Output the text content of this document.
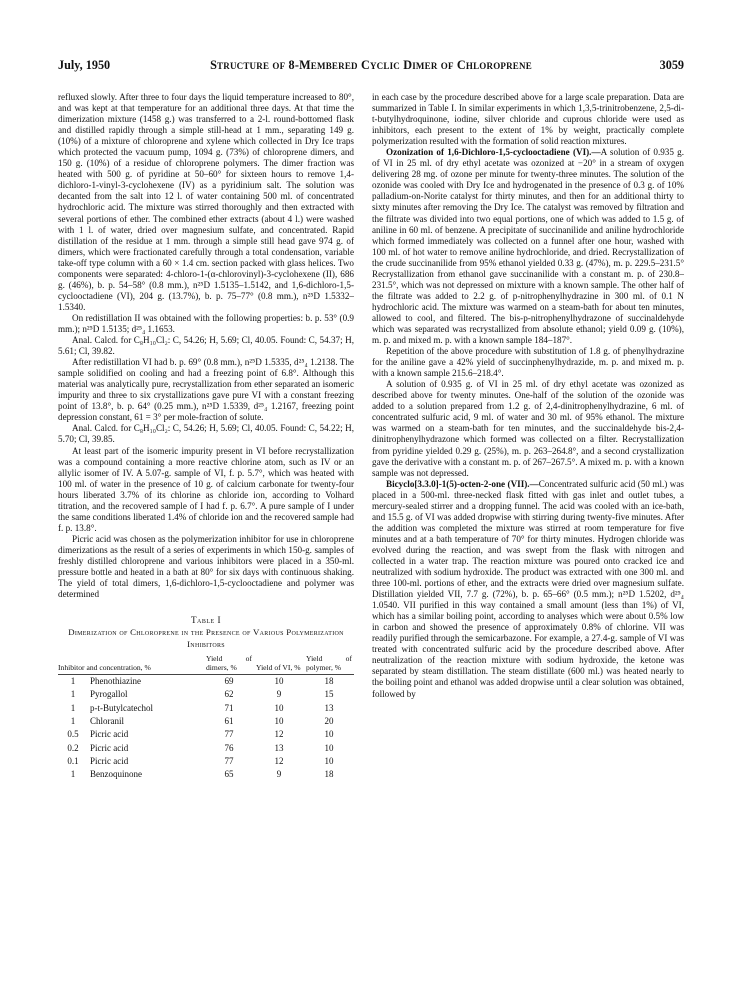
July, 1950	Structure of 8-Membered Cyclic Dimer of Chloroprene	3059

refluxed slowly. After three to four days the liquid temperature increased to 80°, and was kept at that temperature for an additional three days. At that time the dimerization mixture (1458 g.) was transferred to a 2-l. round-bottomed flask and distilled rapidly through a simple still-head at 1 mm., separating 149 g. (10%) of a mixture of chloroprene and xylene which collected in Dry Ice traps which protected the vacuum pump, 1094 g. (73%) of chloroprene dimers, and 150 g. (10%) of a residue of chloroprene polymers. The dimer fraction was heated with 500 g. of pyridine at 50–60° for sixteen hours to remove 1,4-dichloro-1-vinyl-3-cyclohexene (IV) as a pyridinium salt. The solution was decanted from the salt into 12 l. of water containing 500 ml. of concentrated hydrochloric acid. The mixture was stirred thoroughly and then extracted with several portions of ether. The combined ether extracts (about 4 l.) were washed with 1 l. of water, dried over magnesium sulfate, and concentrated. Rapid distillation of the residue at 1 mm. through a simple still head gave 974 g. of dimers, which were fractionated carefully through a total condensation, variable take-off type column with a 60 × 1.4 cm. section packed with glass helices. Two components were separated: 4-chloro-1-(α-chlorovinyl)-3-cyclohexene (II), 686 g. (46%), b. p. 54–58° (0.8 mm.), n²⁵D 1.5135–1.5142, and 1,6-dichloro-1,5-cyclooctadiene (VI), 204 g. (13.7%), b. p. 75–77° (0.8 mm.), n²⁵D 1.5332–1.5340.

On redistillation II was obtained with the following properties: b. p. 53° (0.9 mm.); n²⁵D 1.5135; d²⁵₄ 1.1653.

Anal. Calcd. for C₈H₁₀Cl₂: C, 54.26; H, 5.69; Cl, 40.05. Found: C, 54.37; H, 5.61; Cl, 39.82.

After redistillation VI had b. p. 69° (0.8 mm.), n²⁵D 1.5335, d²⁵₄ 1.2138. The sample solidified on cooling and had a freezing point of 6.8°. Although this material was analytically pure, recrystallization from ether separated an isomeric impurity and three to six crystallizations gave pure VI with a constant freezing point of 13.8°, b. p. 64° (0.25 mm.), n²⁵D 1.5339, d²⁵₄ 1.2167, freezing point depression constant, 61 = 3° per mole-fraction of solute.

Anal. Calcd. for C₈H₁₀Cl₂: C, 54.26; H, 5.69; Cl, 40.05. Found: C, 54.22; H, 5.70; Cl, 39.85.

At least part of the isomeric impurity present in VI before recrystallization was a compound containing a more reactive chlorine atom, such as IV or an allylic isomer of IV. A 5.07-g. sample of VI, f. p. 5.7°, which was heated with 100 ml. of water in the presence of 10 g. of calcium carbonate for twenty-four hours liberated 3.7% of its chlorine as chloride ion, according to Volhard titration, and the recovered sample of I had f. p. 6.7°. A pure sample of I under the same conditions liberated 1.4% of chloride ion and the recovered sample had f. p. 13.8°.

Picric acid was chosen as the polymerization inhibitor for use in chloroprene dimerizations as the result of a series of experiments in which 150-g. samples of freshly distilled chloroprene and various inhibitors were placed in a 350-ml. pressure bottle and heated in a bath at 80° for six days with continuous shaking. The yield of total dimers, 1,6-dichloro-1,5-cyclooctadiene and polymer was determined

Table I
Dimerization of Chloroprene in the Presence of Various Polymerization Inhibitors
Inhibitor and concentration, %		Yield of dimers, %	Yield of VI, %	Yield of polymer, %
1	Phenothiazine	69	10	18
1	Pyrogallol	62	9	15
1	p-t-Butylcatechol	71	10	13
1	Chloranil	61	10	20
0.5	Picric acid	77	12	10
0.2	Picric acid	76	13	10
0.1	Picric acid	77	12	10
1	Benzoquinone	65	9	18

in each case by the procedure described above for a large scale preparation. Data are summarized in Table I. In similar experiments in which 1,3,5-trinitrobenzene, 2,5-di-t-butylhydroquinone, iodine, silver chloride and cuprous chloride were used as inhibitors, each present to the extent of 1% by weight, practically complete polymerization resulted with the formation of solid reaction mixtures.

Ozonization of 1,6-Dichloro-1,5-cyclooctadiene (VI).—A solution of 0.935 g. of VI in 25 ml. of dry ethyl acetate was ozonized at −20° in a stream of oxygen delivering 28 mg. of ozone per minute for twenty-three minutes. The solution of the ozonide was cooled with Dry Ice and hydrogenated in the presence of 0.3 g. of 10% palladium-on-Norite catalyst for thirty minutes, and then for an additional thirty to sixty minutes after removing the Dry Ice. The catalyst was removed by filtration and the filtrate was divided into two equal portions, one of which was added to 1.5 g. of aniline in 60 ml. of benzene. A precipitate of succinanilide and aniline hydrochloride which formed immediately was collected on a funnel after one hour, washed with 100 ml. of hot water to remove aniline hydrochloride, and dried. Recrystallization of the crude succinanilide from 95% ethanol yielded 0.33 g. (47%), m. p. 229.5–231.5° Recrystallization from ethanol gave succinanilide with a constant m. p. of 230.8–231.5°, which was not depressed on mixture with a known sample. The other half of the filtrate was added to 2.2 g. of p-nitrophenylhydrazine in 300 ml. of 0.1 N hydrochloric acid. The mixture was warmed on a steam-bath for about ten minutes, allowed to cool, and filtered. The bis-p-nitrophenylhydrazone of succinaldehyde which was separated was recrystallized from absolute ethanol; yield 0.09 g. (10%), m. p. and mixed m. p. with a known sample 184–187°.

Repetition of the above procedure with substitution of 1.8 g. of phenylhydrazine for the aniline gave a 42% yield of succinphenylhydrazide, m. p. and mixed m. p. with a known sample 215.6–218.4°.

A solution of 0.935 g. of VI in 25 ml. of dry ethyl acetate was ozonized as described above for twenty minutes. One-half of the solution of the ozonide was added to a solution prepared from 1.2 g. of 2,4-dinitrophenylhydrazine, 6 ml. of concentrated sulfuric acid, 9 ml. of water and 30 ml. of 95% ethanol. The mixture was warmed on a steam-bath for ten minutes, and the succinaldehyde bis-2,4-dinitrophenylhydrazone which formed was collected on a filter. Recrystallization from pyridine yielded 0.29 g. (25%), m. p. 263–264.8°, and a second crystallization gave the derivative with a constant m. p. of 267–267.5°. A mixed m. p. with a known sample was not depressed.

Bicyclo[3.3.0]-1(5)-octen-2-one (VII).—Concentrated sulfuric acid (50 ml.) was placed in a 500-ml. three-necked flask fitted with gas inlet and outlet tubes, a mercury-sealed stirrer and a dropping funnel. The acid was cooled with an ice-bath, and 15.5 g. of VI was added dropwise with stirring during twenty-five minutes. After the addition was completed the mixture was stirred at room temperature for five minutes and at a bath temperature of 70° for thirty minutes. Hydrogen chloride was evolved during the reaction, and was swept from the flask with nitrogen and collected in a water trap. The reaction mixture was poured onto cracked ice and neutralized with sodium hydroxide. The product was extracted with one 300 ml. and three 100-ml. portions of ether, and the extracts were dried over magnesium sulfate. Distillation yielded VII, 7.7 g. (72%), b. p. 65–66° (0.5 mm.); n²⁵D 1.5202, d²⁵₄ 1.0540. VII purified in this way contained a small amount (less than 1%) of VI, which has a similar boiling point, according to analyses which were about 0.5% low in carbon and showed the presence of approximately 0.8% of chlorine. VII was readily purified through the semicarbazone. For example, a 27.4-g. sample of VI was treated with concentrated sulfuric acid by the procedure described above. After neutralization of the reaction mixture with sodium hydroxide, the ketone was separated by steam distillation. The steam distillate (600 ml.) was heated nearly to the boiling point and ethanol was added dropwise until a clear solution was obtained, followed by
